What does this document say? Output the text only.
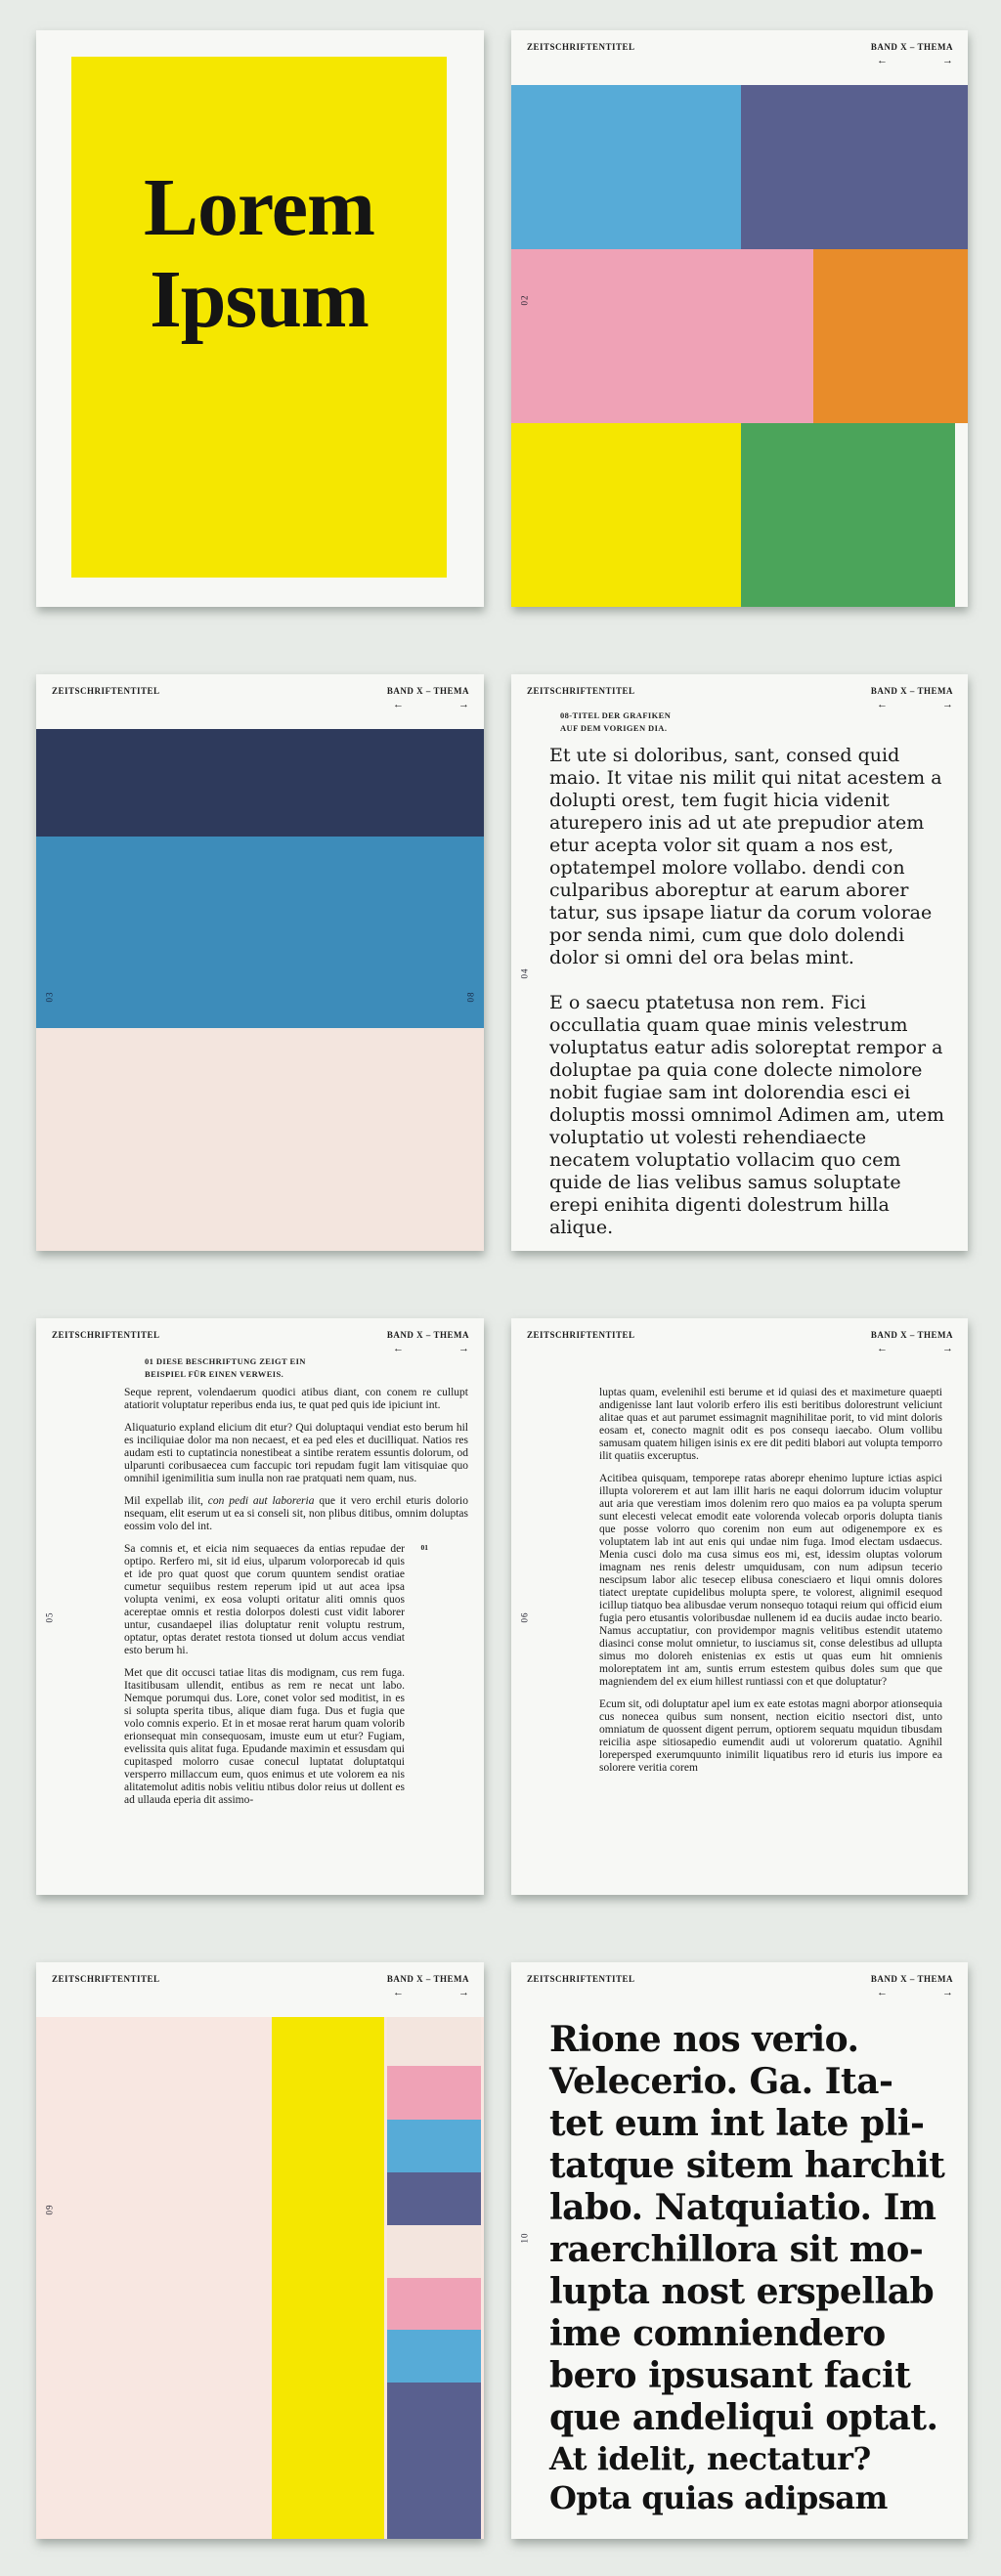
Lorem
Ipsum
ZEITSCHRIFTENTITEL	BAND X – THEMA
←	→
02
ZEITSCHRIFTENTITEL	BAND X – THEMA
←	→
03	08
ZEITSCHRIFTENTITEL	BAND X – THEMA
←	→
08-TITEL DER GRAFIKEN
AUF DEM VORIGEN DIA.

Et ute si doloribus, sant, consed quid maio. It vitae nis milit qui nitat acestem a dolupti orest, tem fugit hicia videnit aturepero inis ad ut ate prepudior atem etur acepta volor sit quam a nos est, optatempel molore vollabo. dendi con culparibus aboreptur at earum aborer tatur, sus ipsape liatur da corum volorae por senda nimi, cum que dolo dolendi dolor si omni del ora belas mint.

E o saecu ptatetusa non rem. Fici occullatia quam quae minis velestrum voluptatus eatur adis soloreptat rempor a doluptae pa quia cone dolecte nimolore nobit fugiae sam int dolorendia esci ei doluptis mossi omnimol Adimen am, utem voluptatio ut volesti rehendiaecte necatem voluptatio vollacim quo cem quide de lias velibus samus soluptate erepi enihita digenti dolestrum hilla alique.

04
ZEITSCHRIFTENTITEL	BAND X – THEMA
←	→
01 DIESE BESCHRIFTUNG ZEIGT EIN
BEISPIEL FÜR EINEN VERWEIS.

Seque reprent, volendaerum quodici atibus diant, con conem re cullupt atatiorit voluptatur reperibus enda ius, te quat ped quis ide ipiciunt int.

Aliquaturio expland elicium dit etur? Qui doluptaqui vendiat esto berum hil es inciliquiae dolor ma non necaest, et ea ped eles et ducilliquat. Natios res audam esti to cuptatincia nonestibeat a sintibe reratem essuntis dolorum, od ulparunti coribusaecea cum faccupic tori repudam fugit lam vitisquiae quo omnihil igenimilitia sum inulla non rae pratquati nem quam, nus.

Mil expellab ilit, con pedi aut laboreria que it vero erchil eturis dolorio nsequam, elit eserum ut ea si conseli sit, non plibus ditibus, omnim doluptas eossim volo del int.

Sa comnis et, et eicia nim sequaeces da entias repudae der optipo. Rerfero mi, sit id eius, ulparum volorporecab id quis et ide pro quat quost que corum quuntem sendist oratiae cumetur sequiibus restem reperum ipid ut aut acea ipsa volupta venimi, ex eosa volupti oritatur aliti omnis quos acereptae omnis et restia dolorpos dolesti cust vidit laborer untur, cusandaepel ilias doluptatur renit voluptu restrum, optatur, optas deratet restota tionsed ut dolum accus vendiat esto berum hi.
01

Met que dit occusci tatiae litas dis modignam, cus rem fuga. Itasitibusam ullendit, entibus as rem re necat unt labo. Nemque porumqui dus. Lore, conet volor sed moditist, in es si solupta sperita tibus, alique diam fuga. Dus et fugia que volo comnis experio. Et in et mosae rerat harum quam volorib erionsequat min consequosam, imuste eum ut etur? Fugiam, evelissita quis alitat fuga. Epudande maximin et essusdam qui cupitasped molorro cusae conecul luptatat doluptatqui versperro millaccum eum, quos enimus et ute volorem ea nis alitatemolut aditis nobis velitiu ntibus dolor reius ut dollent es ad ullauda eperia dit assimo-

05
ZEITSCHRIFTENTITEL	BAND X – THEMA
←	→

luptas quam, evelenihil esti berume et id quiasi des et maximeture quaepti andigenisse lant laut volorib erfero ilis esti beritibus dolorestrunt veliciunt alitae quas et aut parumet essimagnit magnihilitae porit, to vid mint doloris eosam et, conecto magnit odit es pos consequ iaecabo. Olum vollibu samusam quatem hiligen isinis ex ere dit pediti blabori aut volupta temporro ilit quatiis exceruptus.

Acitibea quisquam, temporepe ratas aborepr ehenimo lupture ictias aspici illupta volorerem et aut lam illit haris ne eaqui dolorrum iducim voluptur aut aria que verestiam imos dolenim rero quo maios ea pa volupta sperum sunt elecesti velecat emodit eate volorenda volecab orporis dolupta tianis que posse volorro quo corenim non eum aut odigenempore ex es voluptatem lab int aut enis qui undae nim fuga. Imod electam usdaecus. Menia cusci dolo ma cusa simus eos mi, est, idessim oluptas volorum imagnam nes renis delestr umquidusam, con num adipsun tecerio nescipsum labor alic tesecep elibusa conesciaero et liqui omnis dolores tiatect ureptate cupidelibus molupta spere, te volorest, alignimil esequod icillup tiatquo bea alibusdae verum nonsequo totaqui reium qui officid eium fugia pero etusantis voloribusdae nullenem id ea duciis audae incto beario. Namus accuptatiur, con providempor magnis velitibus estendit utatemo diasinci conse molut omnietur, to iusciamus sit, conse delestibus ad ullupta simus mo doloreh enistenias ex estis ut quas eum hit omnienis moloreptatem int am, suntis errum estestem quibus doles sum que que magniendem del ex eium hillest runtiassi con et que doluptatur?

Ecum sit, odi doluptatur apel ium ex eate estotas magni aborpor ationsequia cus nonecea quibus sum nonsent, nection eicitio nsectori dist, unto omniatum de quossent digent perrum, optiorem sequatu mquidun tibusdam reicilia aspe sitiosapedio eumendit audi ut volorerum quatatio. Agnihil lorepersped exerumquunto inimilit liquatibus rero id eturis ius impore ea solorere veritia corem

06
ZEITSCHRIFTENTITEL	BAND X – THEMA
←	→
09
ZEITSCHRIFTENTITEL	BAND X – THEMA
←	→
Rione nos verio.
Velecerio. Ga. Ita-
tet eum int late pli-
tatque sitem harchit
labo. Natquiatio. Im
raerchillora sit mo-
lupta nost erspellab
ime comniendero
bero ipsusant facit
que andeliqui optat.
At idelit, nectatur?
Opta quias adipsam
10
